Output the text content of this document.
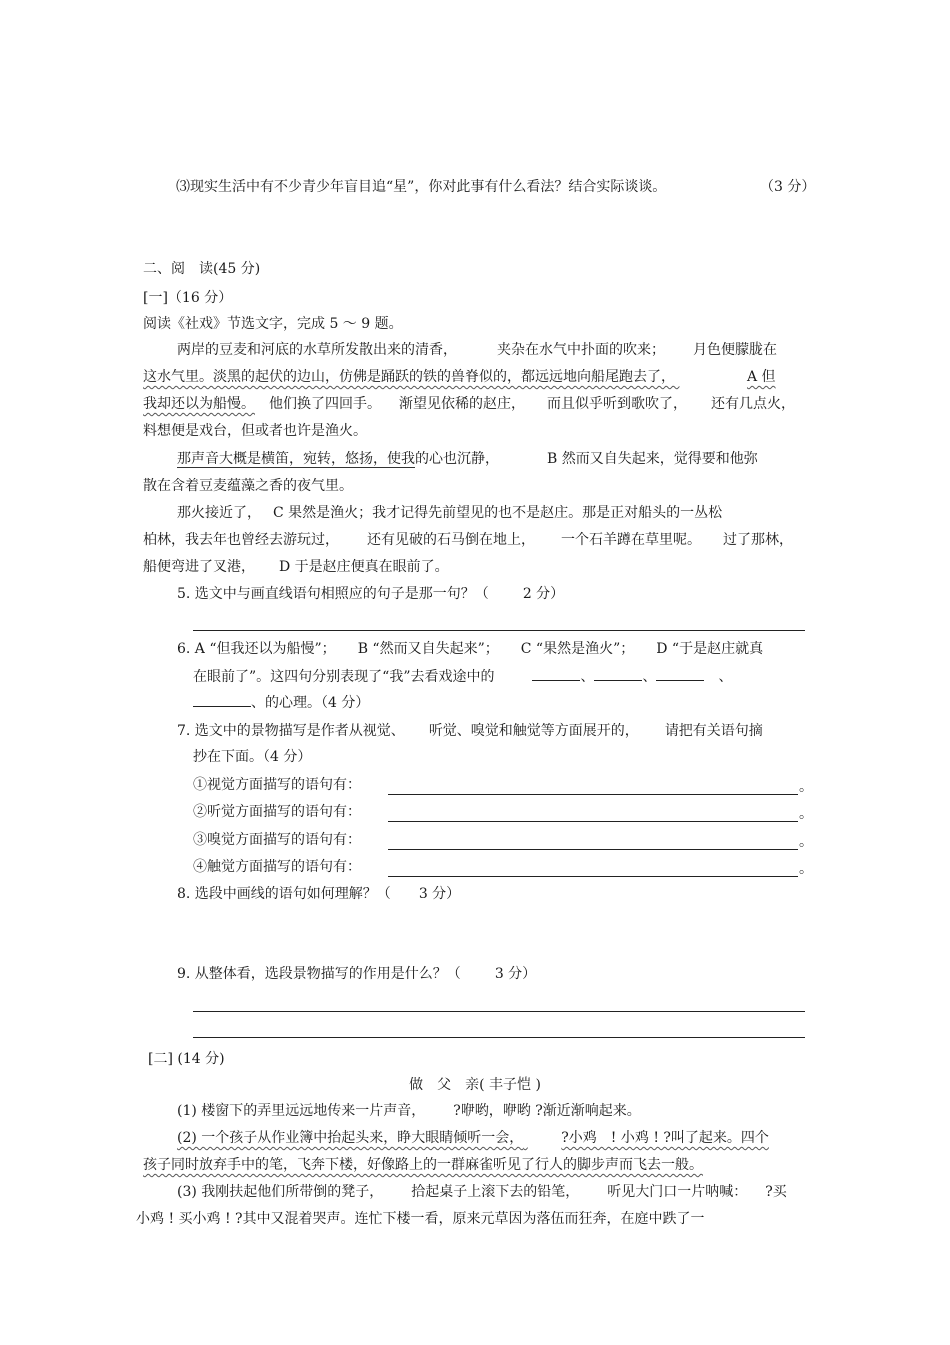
⑶现实生活中有不少青少年盲目追“星”，你对此事有什么看法？结合实际谈谈。	（3 分）
二、阅　读(45 分)
[一]（16 分）
阅读《社戏》节选文字，完成 5 ～ 9 题。
两岸的豆麦和河底的水草所发散出来的清香，	夹杂在水气中扑面的吹来； 月色便朦胧在
这水气里。淡黑的起伏的边山，仿佛是踊跃的铁的兽脊似的，都远远地向船尾跑去了，	A 但
我却还以为船慢。 他们换了四回手。 渐望见依稀的赵庄， 而且似乎听到歌吹了， 还有几点火，
料想便是戏台，但或者也许是渔火。
那声音大概是横笛，宛转，悠扬，使我的心也沉静，	B 然而又自失起来，觉得要和他弥
散在含着豆麦蕴藻之香的夜气里。
那火接近了， C 果然是渔火；我才记得先前望见的也不是赵庄。那是正对船头的一丛松
柏林，我去年也曾经去游玩过， 还有见破的石马倒在地上， 一个石羊蹲在草里呢。 过了那林，
船便弯进了叉港， D 于是赵庄便真在眼前了。
5. 选文中与画直线语句相照应的句子是那一句？（ 2 分）
6. A “但我还以为船慢”； B “然而又自失起来”； C “果然是渔火”； D “于是赵庄就真
在眼前了”。这四句分别表现了“我”去看戏途中的	、	、	、
、的心理。（4 分）
7. 选文中的景物描写是作者从视觉、 听觉、嗅觉和触觉等方面展开的， 请把有关语句摘
抄在下面。（4 分）
①视觉方面描写的语句有：	。
②听觉方面描写的语句有：	。
③嗅觉方面描写的语句有：	。
④触觉方面描写的语句有：	。
8. 选段中画线的语句如何理解？（ 3 分）
9. 从整体看，选段景物描写的作用是什么？（ 3 分）
[二] (14 分)
做　父　亲( 丰子恺 )
(1) 楼窗下的弄里远远地传来一片声音， ?咿哟，咿哟 ?渐近渐响起来。
(2) 一个孩子从作业簿中抬起头来，睁大眼睛倾听一会，	?小鸡　! 小鸡 ! ?叫了起来。四个
孩子同时放弃手中的笔，飞奔下楼，好像路上的一群麻雀听见了行人的脚步声而飞去一般。
(3) 我刚扶起他们所带倒的凳子， 拾起桌子上滚下去的铅笔， 听见大门口一片呐喊： ?买
小鸡 ! 买小鸡 ! ?其中又混着哭声。连忙下楼一看，原来元草因为落伍而狂奔，在庭中跌了一
